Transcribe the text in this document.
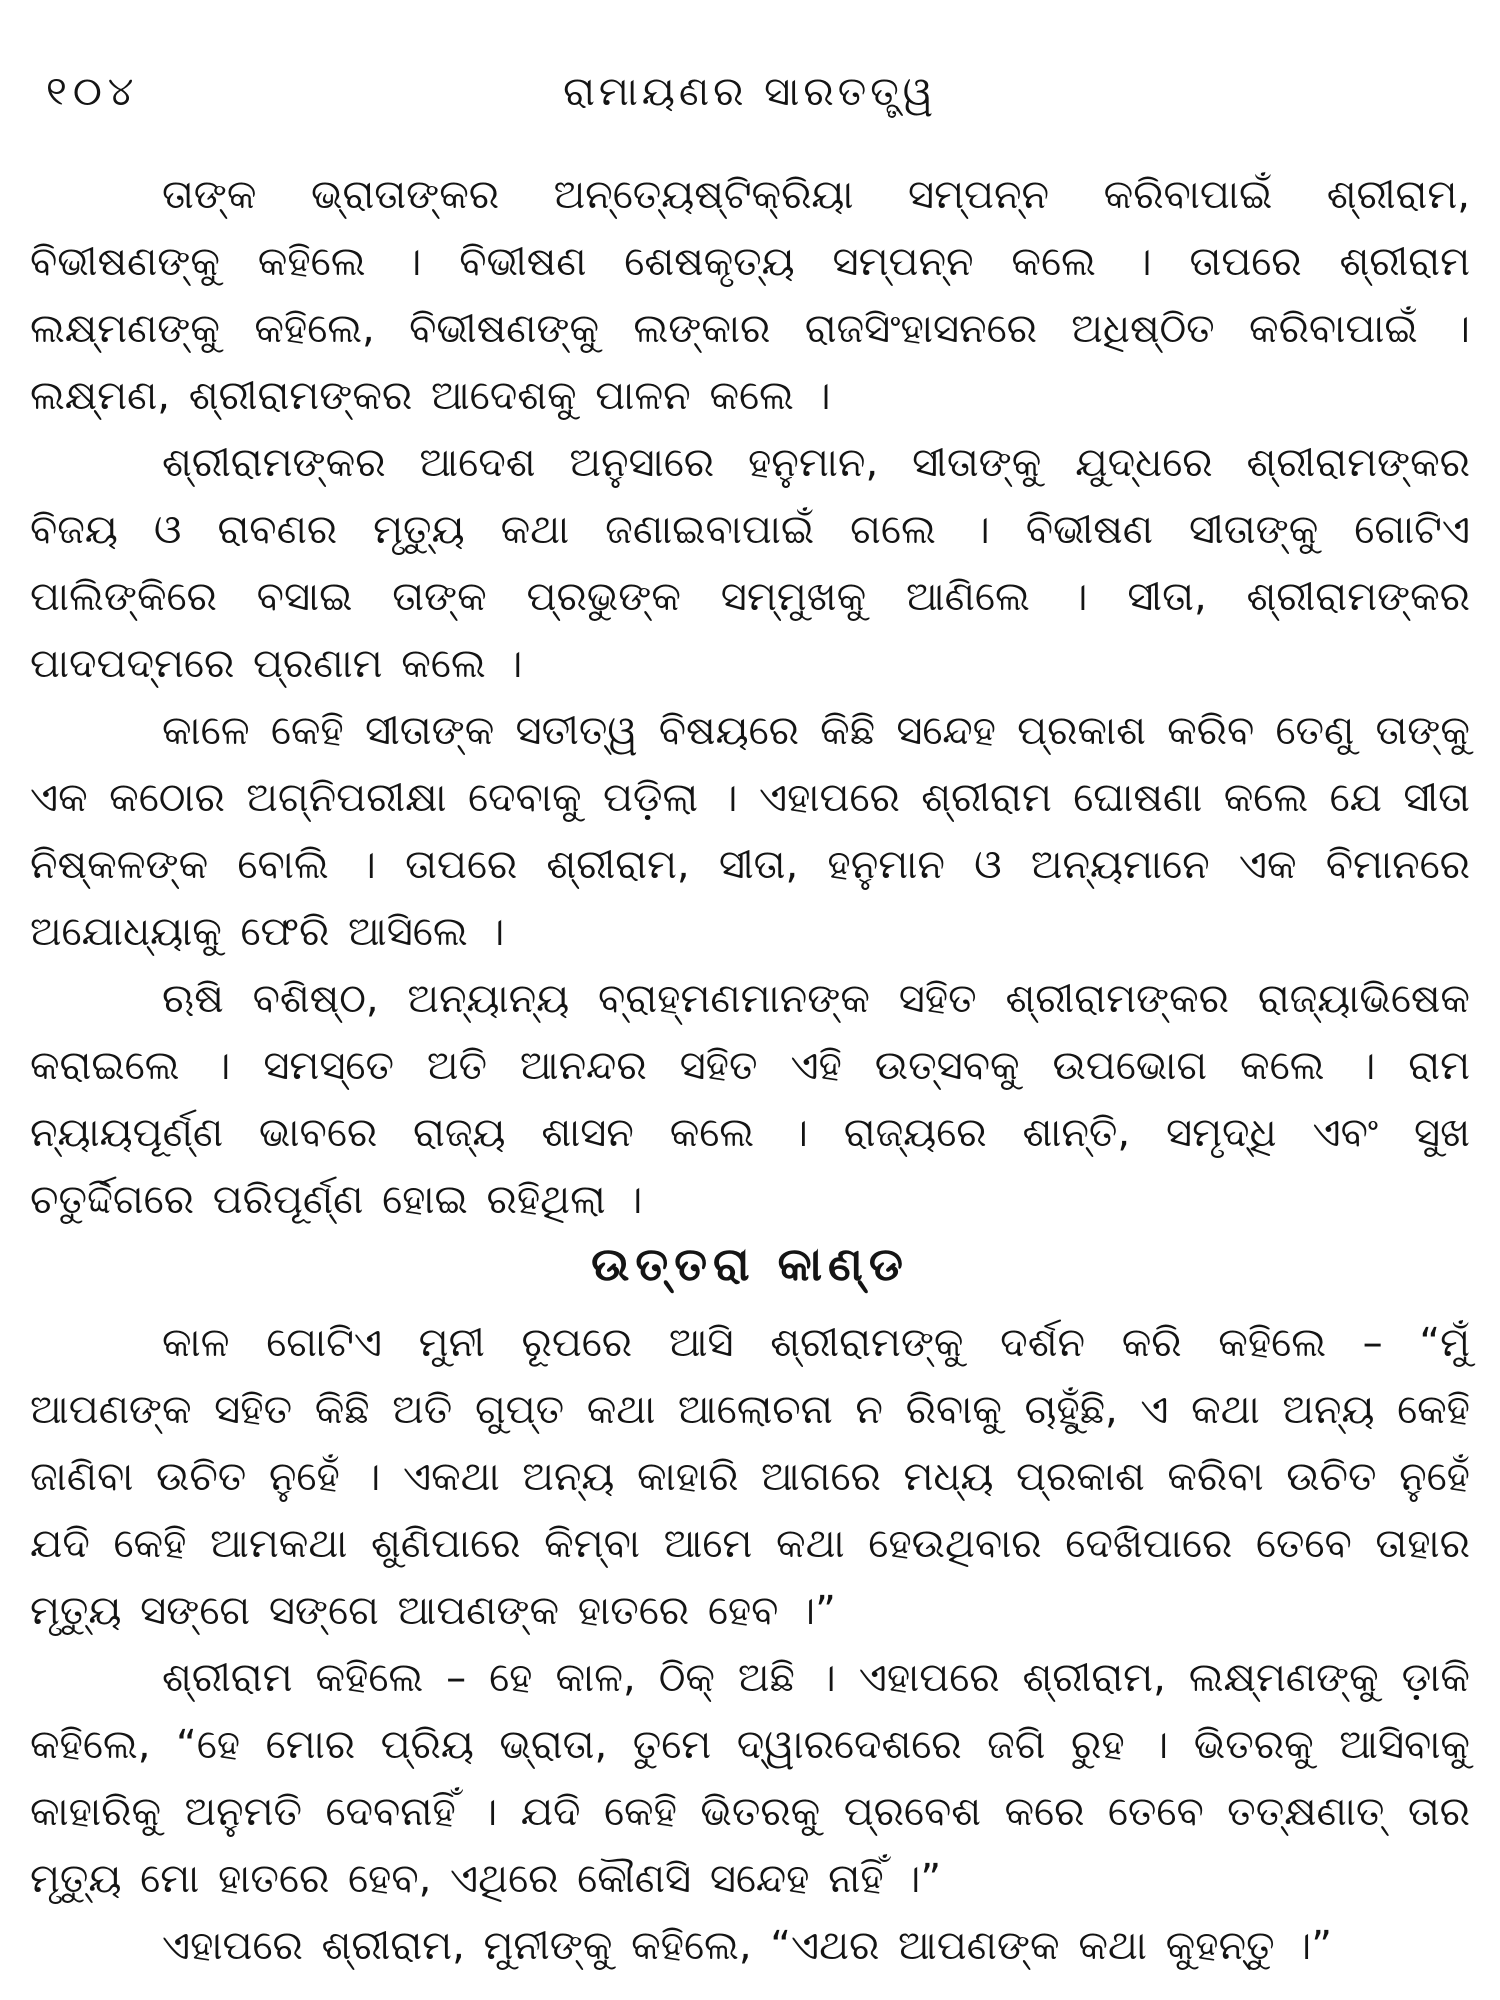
୧୦୪	ରାମାୟଣର ସାରତତ୍ତ୍ୱ

ତାଙ୍କ ଭ୍ରାତାଙ୍କର ଅନ୍ତ୍ୟେଷ୍ଟିକ୍ରିୟା ସମ୍ପନ୍ନ କରିବାପାଇଁ ଶ୍ରୀରାମ, ବିଭୀଷଣଙ୍କୁ କହିଲେ । ବିଭୀଷଣ ଶେଷକୃତ୍ୟ ସମ୍ପନ୍ନ କଲେ । ତାପରେ ଶ୍ରୀରାମ ଲକ୍ଷ୍ମଣଙ୍କୁ କହିଲେ, ବିଭୀଷଣଙ୍କୁ ଲଙ୍କାର ରାଜସିଂହାସନରେ ଅଧିଷ୍ଠିତ କରିବାପାଇଁ । ଲକ୍ଷ୍ମଣ, ଶ୍ରୀରାମଙ୍କର ଆଦେଶକୁ ପାଳନ କଲେ ।

ଶ୍ରୀରାମଙ୍କର ଆଦେଶ ଅନୁସାରେ ହନୁମାନ, ସୀତାଙ୍କୁ ଯୁଦ୍ଧରେ ଶ୍ରୀରାମଙ୍କର ବିଜୟ ଓ ରାବଣର ମୃତ୍ୟୁ କଥା ଜଣାଇବାପାଇଁ ଗଲେ । ବିଭୀଷଣ ସୀତାଙ୍କୁ ଗୋଟିଏ ପାଲିଙ୍କିରେ ବସାଇ ତାଙ୍କ ପ୍ରଭୁଙ୍କ ସମ୍ମୁଖକୁ ଆଣିଲେ । ସୀତା, ଶ୍ରୀରାମଙ୍କର ପାଦପଦ୍ମରେ ପ୍ରଣାମ କଲେ ।

କାଳେ କେହି ସୀତାଙ୍କ ସତୀତ୍ୱ ବିଷୟରେ କିଛି ସନ୍ଦେହ ପ୍ରକାଶ କରିବ ତେଣୁ ତାଙ୍କୁ ଏକ କଠୋର ଅଗ୍ନିପରୀକ୍ଷା ଦେବାକୁ ପଡ଼ିଲା । ଏହାପରେ ଶ୍ରୀରାମ ଘୋଷଣା କଲେ ଯେ ସୀତା ନିଷ୍କଳଙ୍କ ବୋଲି । ତାପରେ ଶ୍ରୀରାମ, ସୀତା, ହନୁମାନ ଓ ଅନ୍ୟମାନେ ଏକ ବିମାନରେ ଅଯୋଧ୍ୟାକୁ ଫେରି ଆସିଲେ ।

ଋଷି ବଶିଷ୍ଠ, ଅନ୍ୟାନ୍ୟ ବ୍ରାହ୍ମଣମାନଙ୍କ ସହିତ ଶ୍ରୀରାମଙ୍କର ରାଜ୍ୟାଭିଷେକ କରାଇଲେ । ସମସ୍ତେ ଅତି ଆନନ୍ଦର ସହିତ ଏହି ଉତ୍ସବକୁ ଉପଭୋଗ କଲେ । ରାମ ନ୍ୟାୟପୂର୍ଣ୍ଣ ଭାବରେ ରାଜ୍ୟ ଶାସନ କଲେ । ରାଜ୍ୟରେ ଶାନ୍ତି, ସମୃଦ୍ଧି ଏବଂ ସୁଖ ଚତୁର୍ଦ୍ଦିଗରେ ପରିପୂର୍ଣ୍ଣ ହୋଇ ରହିଥିଲା ।

ଉତ୍ତରା କାଣ୍ଡ

କାଳ ଗୋଟିଏ ମୁନୀ ରୂପରେ ଆସି ଶ୍ରୀରାମଙ୍କୁ ଦର୍ଶନ କରି କହିଲେ – “ମୁଁ ଆପଣଙ୍କ ସହିତ କିଛି ଅତି ଗୁପ୍ତ କଥା ଆଲୋଚନା ନ ରିବାକୁ ଚାହୁଁଛି, ଏ କଥା ଅନ୍ୟ କେହି ଜାଣିବା ଉଚିତ ନୁହେଁ । ଏକଥା ଅନ୍ୟ କାହାରି ଆଗରେ ମଧ୍ୟ ପ୍ରକାଶ କରିବା ଉଚିତ ନୁହେଁ ଯଦି କେହି ଆମକଥା ଶୁଣିପାରେ କିମ୍ବା ଆମେ କଥା ହେଉଥିବାର ଦେଖିପାରେ ତେବେ ତାହାର ମୃତ୍ୟୁ ସଙ୍ଗେ ସଙ୍ଗେ ଆପଣଙ୍କ ହାତରେ ହେବ ।”

ଶ୍ରୀରାମ କହିଲେ – ହେ କାଳ, ଠିକ୍ ଅଛି । ଏହାପରେ ଶ୍ରୀରାମ, ଲକ୍ଷ୍ମଣଙ୍କୁ ଡ଼ାକି କହିଲେ, “ହେ ମୋର ପ୍ରିୟ ଭ୍ରାତା, ତୁମେ ଦ୍ୱାରଦେଶରେ ଜଗି ରୁହ । ଭିତରକୁ ଆସିବାକୁ କାହାରିକୁ ଅନୁମତି ଦେବନାହିଁ । ଯଦି କେହି ଭିତରକୁ ପ୍ରବେଶ କରେ ତେବେ ତତ୍‌କ୍ଷଣାତ୍ ତାର ମୃତ୍ୟୁ ମୋ ହାତରେ ହେବ, ଏଥିରେ କୌଣସି ସନ୍ଦେହ ନାହିଁ ।”

ଏହାପରେ ଶ୍ରୀରାମ, ମୁନୀଙ୍କୁ କହିଲେ, “ଏଥର ଆପଣଙ୍କ କଥା କୁହନ୍ତୁ ।”
